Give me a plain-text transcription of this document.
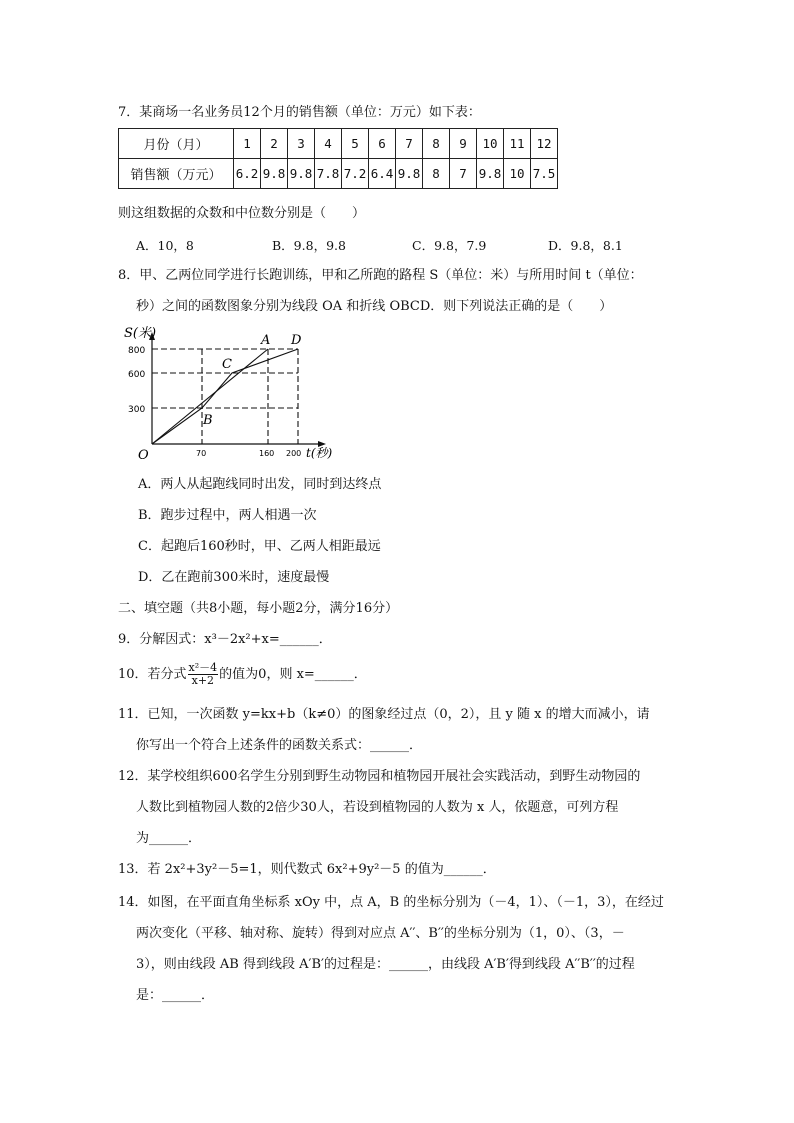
7．某商场一名业务员12个月的销售额（单位：万元）如下表：
月份（月）	1	2	3	4	5	6	7	8	9	10	11	12
销售额（万元）	6.2	9.8	9.8	7.8	7.2	6.4	9.8	8	7	9.8	10	7.5
则这组数据的众数和中位数分别是（　　）
A．10，8	B．9.8，9.8	C．9.8，7.9	D．9.8，8.1
8．甲、乙两位同学进行长跑训练，甲和乙所跑的路程 S（单位：米）与所用时间 t（单位：
秒）之间的函数图象分别为线段 OA 和折线 OBCD．则下列说法正确的是（　　）
S(米)
t(秒)
O
800
600
300
70	160 200
A
B
C
D
A．两人从起跑线同时出发，同时到达终点
B．跑步过程中，两人相遇一次
C．起跑后160秒时，甲、乙两人相距最远
D．乙在跑前300米时，速度最慢
二、填空题（共8小题，每小题2分，满分16分）
9．分解因式：x³－2x²+x=______．
10．若分式 $\frac{\text{x²－4}}{x+2}$ 的值为0，则 x=______．
11．已知，一次函数 y=kx+b（k≠0）的图象经过点（0，2），且 y 随 x 的增大而减小，请
你写出一个符合上述条件的函数关系式：______．
12．某学校组织600名学生分别到野生动物园和植物园开展社会实践活动，到野生动物园的
人数比到植物园人数的2倍少30人，若设到植物园的人数为 x 人，依题意，可列方程
为______．
13．若 2x²+3y²－5=1，则代数式 6x²+9y²－5 的值为______．
14．如图，在平面直角坐标系 xOy 中，点 A，B 的坐标分别为（－4，1）、（－1，3），在经过
两次变化（平移、轴对称、旋转）得到对应点 A′′、B′′的坐标分别为（1，0）、（3，－
3），则由线段 AB 得到线段 A′B′的过程是：______，由线段 A′B′得到线段 A′′B′′的过程
是：______．
